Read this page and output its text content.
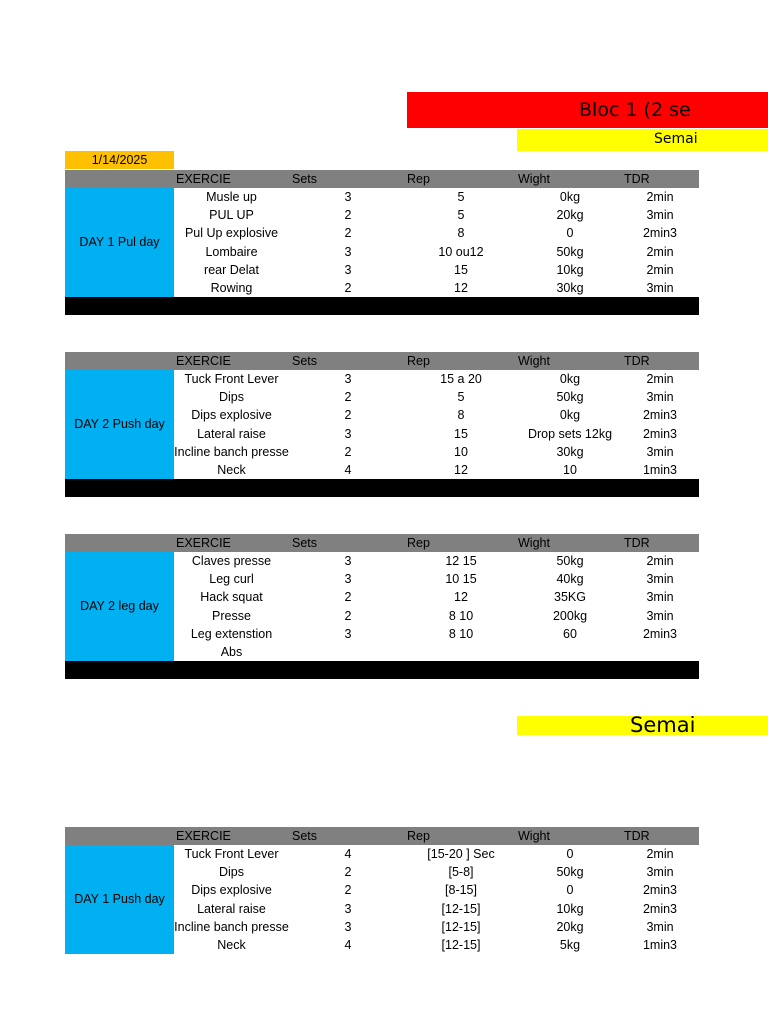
Bloc 1 (2 se
Semai
1/14/2025
EXERCIE	Sets	Rep	Wight	TDR
DAY 1 Pul day
Musle up	3	5	0kg	2min
PUL UP	2	5	20kg	3min
Pul Up explosive	2	8	0	2min3
Lombaire	3	10 ou12	50kg	2min
rear Delat	3	15	10kg	2min
Rowing	2	12	30kg	3min
EXERCIE	Sets	Rep	Wight	TDR
DAY 2 Push day
Tuck Front Lever	3	15 a 20	0kg	2min
Dips	2	5	50kg	3min
Dips explosive	2	8	0kg	2min3
Lateral raise	3	15	Drop sets 12kg	2min3
Incline banch presse	2	10	30kg	3min
Neck	4	12	10	1min3
EXERCIE	Sets	Rep	Wight	TDR
DAY 2 leg day
Claves presse	3	12 15	50kg	2min
Leg curl	3	10 15	40kg	3min
Hack squat	2	12	35KG	3min
Presse	2	8 10	200kg	3min
Leg extenstion	3	8 10	60	2min3
Abs
EXERCIE	Sets	Rep	Wight	TDR
DAY 1 Push day
Tuck Front Lever	4	[15-20 ] Sec	0	2min
Dips	2	[5-8]	50kg	3min
Dips explosive	2	[8-15]	0	2min3
Lateral raise	3	[12-15]	10kg	2min3
Incline banch presse	3	[12-15]	20kg	3min
Neck	4	[12-15]	5kg	1min3
Semai
